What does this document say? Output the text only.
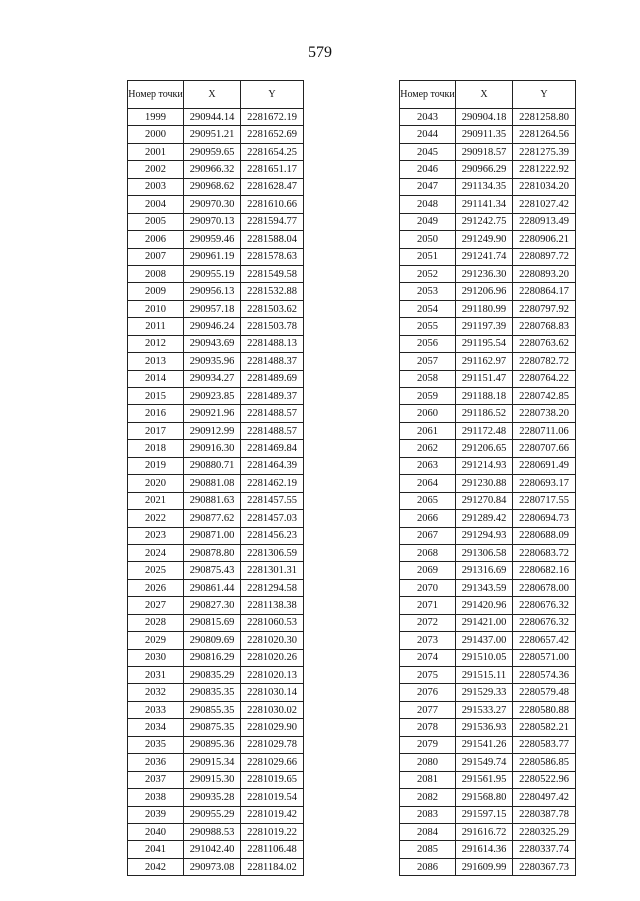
579
Номер точки	X	Y
1999	290944.14	2281672.19
2000	290951.21	2281652.69
2001	290959.65	2281654.25
2002	290966.32	2281651.17
2003	290968.62	2281628.47
2004	290970.30	2281610.66
2005	290970.13	2281594.77
2006	290959.46	2281588.04
2007	290961.19	2281578.63
2008	290955.19	2281549.58
2009	290956.13	2281532.88
2010	290957.18	2281503.62
2011	290946.24	2281503.78
2012	290943.69	2281488.13
2013	290935.96	2281488.37
2014	290934.27	2281489.69
2015	290923.85	2281489.37
2016	290921.96	2281488.57
2017	290912.99	2281488.57
2018	290916.30	2281469.84
2019	290880.71	2281464.39
2020	290881.08	2281462.19
2021	290881.63	2281457.55
2022	290877.62	2281457.03
2023	290871.00	2281456.23
2024	290878.80	2281306.59
2025	290875.43	2281301.31
2026	290861.44	2281294.58
2027	290827.30	2281138.38
2028	290815.69	2281060.53
2029	290809.69	2281020.30
2030	290816.29	2281020.26
2031	290835.29	2281020.13
2032	290835.35	2281030.14
2033	290855.35	2281030.02
2034	290875.35	2281029.90
2035	290895.36	2281029.78
2036	290915.34	2281029.66
2037	290915.30	2281019.65
2038	290935.28	2281019.54
2039	290955.29	2281019.42
2040	290988.53	2281019.22
2041	291042.40	2281106.48
2042	290973.08	2281184.02
Номер точки	X	Y
2043	290904.18	2281258.80
2044	290911.35	2281264.56
2045	290918.57	2281275.39
2046	290966.29	2281222.92
2047	291134.35	2281034.20
2048	291141.34	2281027.42
2049	291242.75	2280913.49
2050	291249.90	2280906.21
2051	291241.74	2280897.72
2052	291236.30	2280893.20
2053	291206.96	2280864.17
2054	291180.99	2280797.92
2055	291197.39	2280768.83
2056	291195.54	2280763.62
2057	291162.97	2280782.72
2058	291151.47	2280764.22
2059	291188.18	2280742.85
2060	291186.52	2280738.20
2061	291172.48	2280711.06
2062	291206.65	2280707.66
2063	291214.93	2280691.49
2064	291230.88	2280693.17
2065	291270.84	2280717.55
2066	291289.42	2280694.73
2067	291294.93	2280688.09
2068	291306.58	2280683.72
2069	291316.69	2280682.16
2070	291343.59	2280678.00
2071	291420.96	2280676.32
2072	291421.00	2280676.32
2073	291437.00	2280657.42
2074	291510.05	2280571.00
2075	291515.11	2280574.36
2076	291529.33	2280579.48
2077	291533.27	2280580.88
2078	291536.93	2280582.21
2079	291541.26	2280583.77
2080	291549.74	2280586.85
2081	291561.95	2280522.96
2082	291568.80	2280497.42
2083	291597.15	2280387.78
2084	291616.72	2280325.29
2085	291614.36	2280337.74
2086	291609.99	2280367.73
